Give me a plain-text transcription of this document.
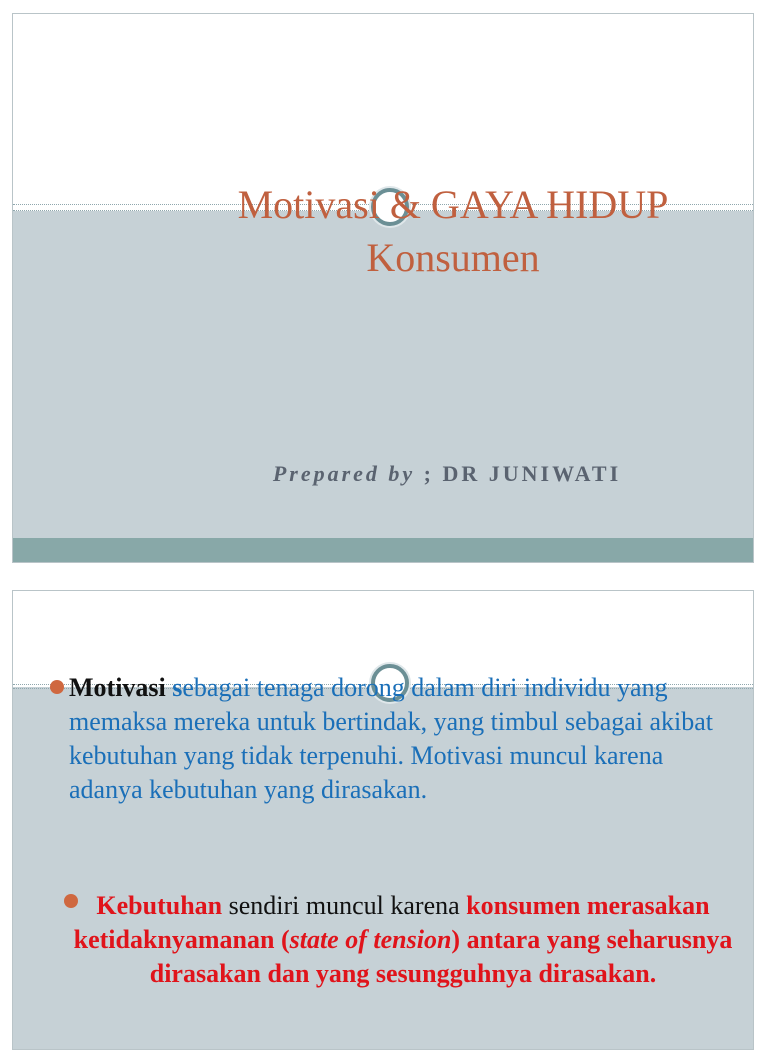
Motivasi & GAYA HIDUP
Konsumen
Prepared by ; DR JUNIWATI
Motivasi sebagai tenaga dorong dalam diri individu yang memaksa mereka untuk bertindak, yang timbul sebagai akibat kebutuhan yang tidak terpenuhi. Motivasi muncul karena adanya kebutuhan yang dirasakan.
Kebutuhan sendiri muncul karena konsumen merasakan ketidaknyamanan (state of tension) antara yang seharusnya dirasakan dan yang sesungguhnya dirasakan.
